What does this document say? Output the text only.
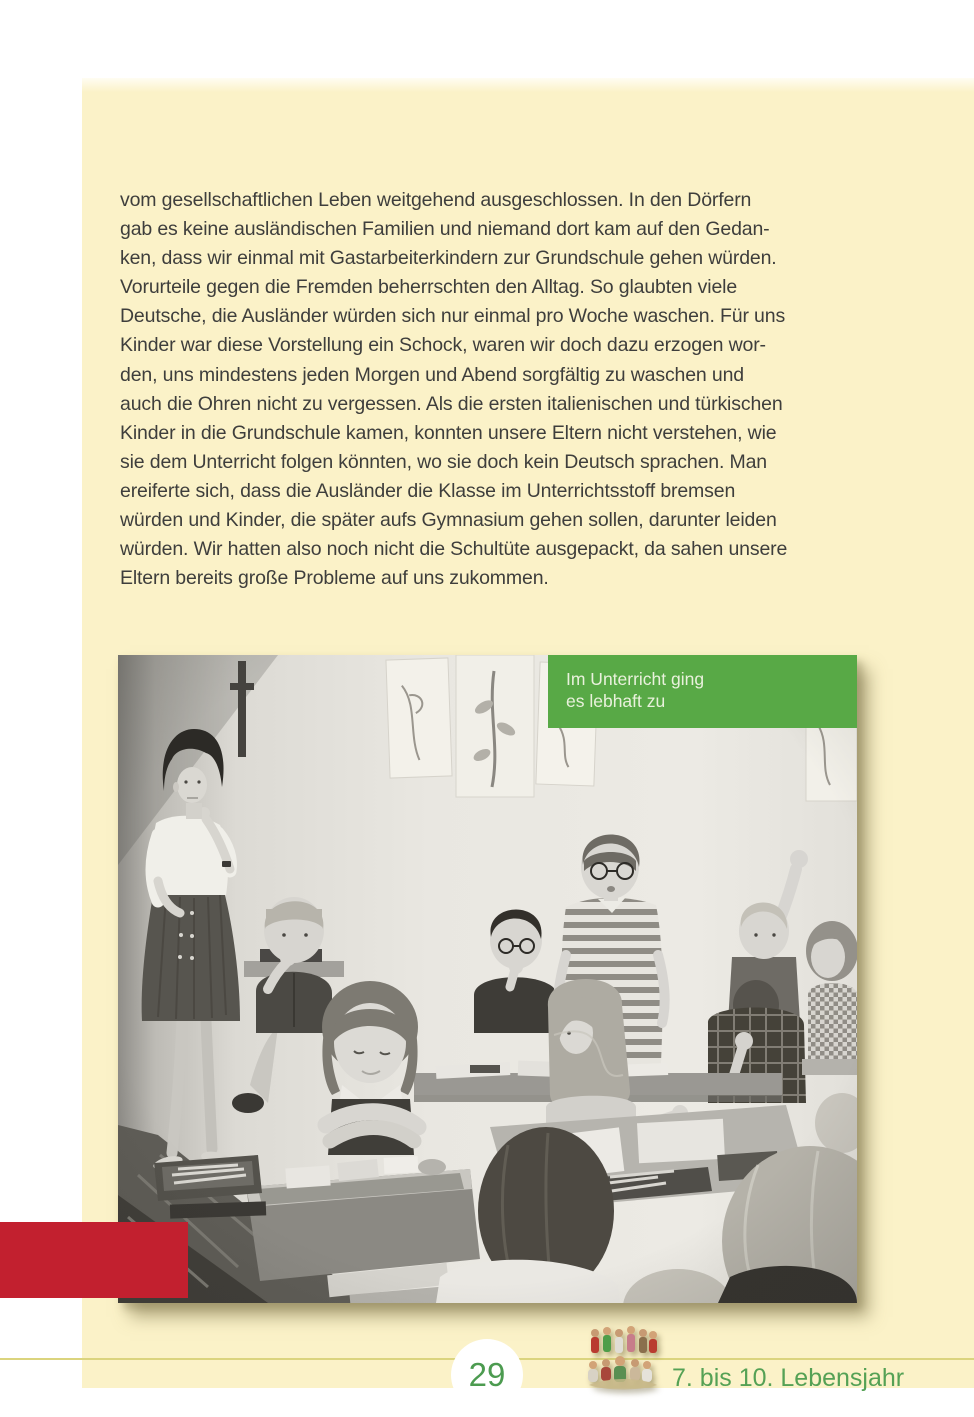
vom gesellschaftlichen Leben weitgehend ausgeschlossen. In den Dörfern
gab es keine ausländischen Familien und niemand dort kam auf den Gedan-
ken, dass wir einmal mit Gastarbeiterkindern zur Grundschule gehen würden.
Vorurteile gegen die Fremden beherrschten den Alltag. So glaubten viele
Deutsche, die Ausländer würden sich nur einmal pro Woche waschen. Für uns
Kinder war diese Vorstellung ein Schock, waren wir doch dazu erzogen wor-
den, uns mindestens jeden Morgen und Abend sorgfältig zu waschen und
auch die Ohren nicht zu vergessen. Als die ersten italienischen und türkischen
Kinder in die Grundschule kamen, konnten unsere Eltern nicht verstehen, wie
sie dem Unterricht folgen könnten, wo sie doch kein Deutsch sprachen. Man
ereiferte sich, dass die Ausländer die Klasse im Unterrichtsstoff bremsen
würden und Kinder, die später aufs Gymnasium gehen sollen, darunter leiden
würden. Wir hatten also noch nicht die Schultüte ausgepackt, da sahen unsere
Eltern bereits große Probleme auf uns zukommen.
Im Unterricht ging
es lebhaft zu
29	7. bis 10. Lebensjahr
